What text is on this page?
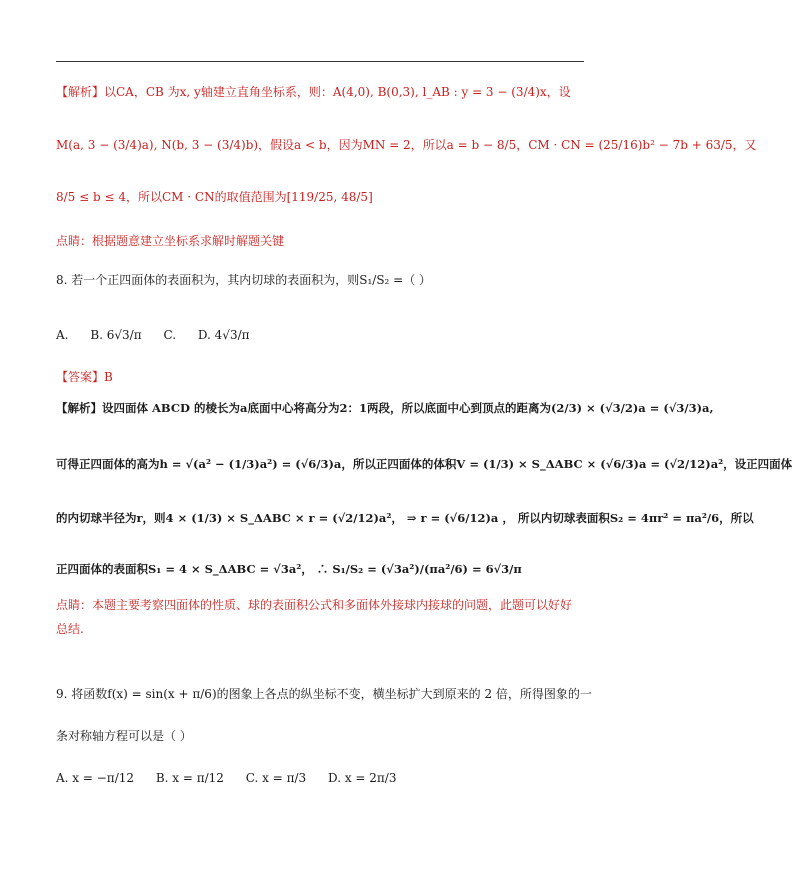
【解析】以CA，CB 为x, y轴建立直角坐标系，则：A(4,0), B(0,3), l_AB : y = 3 − (3/4)x，设
M(a, 3 − (3/4)a), N(b, 3 − (3/4)b)，假设a < b，因为MN = 2，所以a = b − 8/5，CM · CN = (25/16)b² − 7b + 63/5，又
8/5 ≤ b ≤ 4，所以CM · CN的取值范围为[119/25, 48/5]
点睛：根据题意建立坐标系求解时解题关键
8. 若一个正四面体的表面积为，其内切球的表面积为，则S₁/S₂ =（ ）
A. B. 6√3/π C. D. 4√3/π
【答案】B
【解析】设四面体 ABCD 的棱长为a底面中心将高分为2：1两段，所以底面中心到顶点的距离为(2/3) × (√3/2)a = (√3/3)a,
可得正四面体的高为h = √(a² − (1/3)a²) = (√6/3)a，所以正四面体的体积V = (1/3) × S_ΔABC × (√6/3)a = (√2/12)a²，设正四面体
的内切球半径为r，则4 × (1/3) × S_ΔABC × r = (√2/12)a²， ⇒ r = (√6/12)a ， 所以内切球表面积S₂ = 4πr² = πa²/6，所以
正四面体的表面积S₁ = 4 × S_ΔABC = √3a²， ∴ S₁/S₂ = (√3a²)/(πa²/6) = 6√3/π
点睛：本题主要考察四面体的性质、球的表面积公式和多面体外接球内接球的问题，此题可以好好
总结.
9. 将函数f(x) = sin(x + π/6)的图象上各点的纵坐标不变，横坐标扩大到原来的 2 倍，所得图象的一
条对称轴方程可以是（ ）
A. x = −π/12 B. x = π/12 C. x = π/3 D. x = 2π/3
